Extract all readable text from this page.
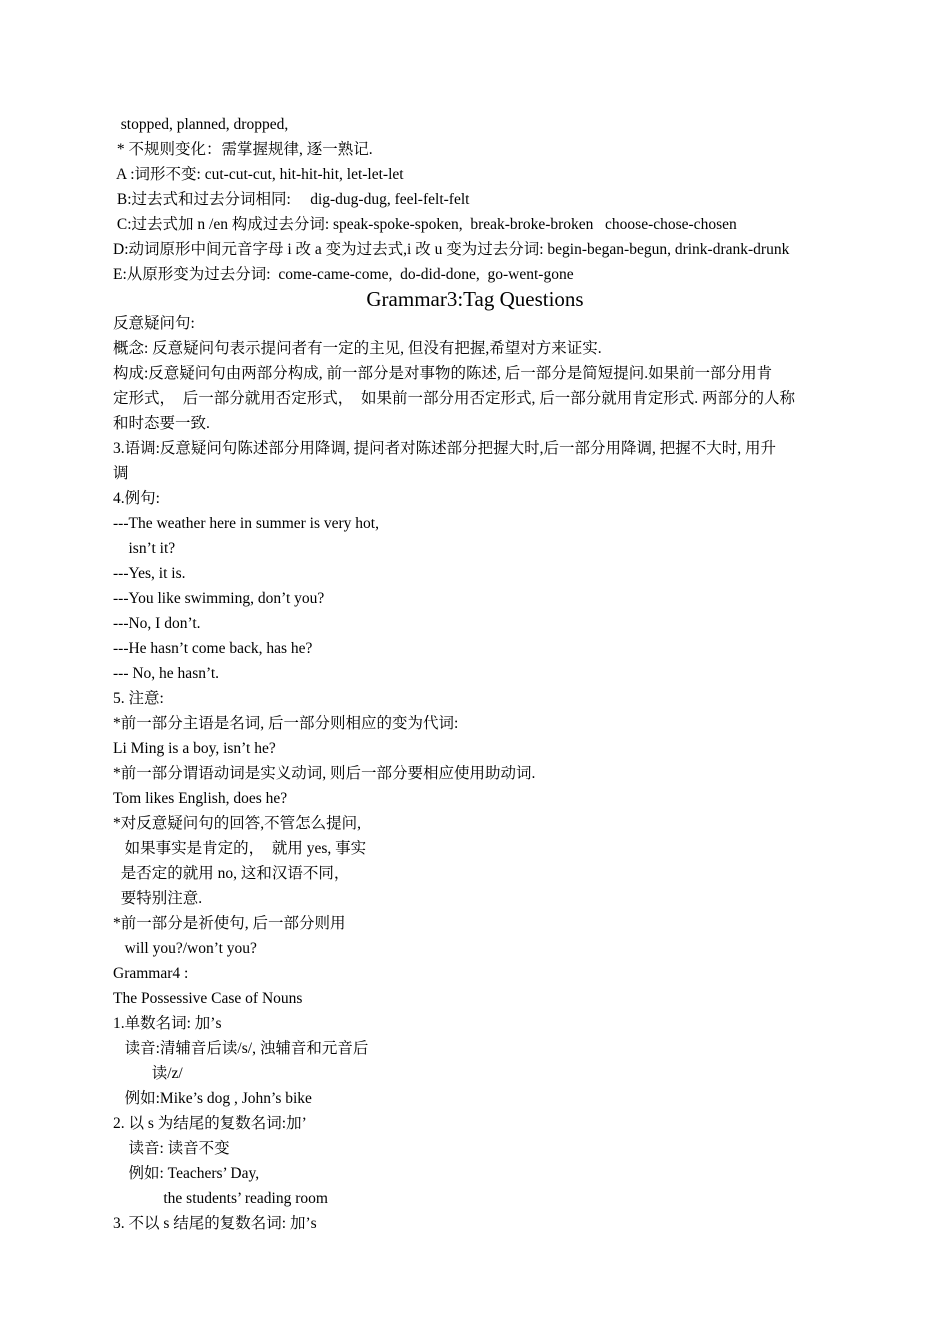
stopped, planned, dropped,

* 不规则变化：需掌握规律, 逐一熟记.

A :词形不变: cut-cut-cut, hit-hit-hit, let-let-let

B:过去式和过去分词相同:     dig-dug-dug, feel-felt-felt

C:过去式加 n /en 构成过去分词: speak-spoke-spoken,  break-broke-broken   choose-chose-chosen

D:动词原形中间元音字母 i 改 a 变为过去式,i 改 u 变为过去分词: begin-began-begun, drink-drank-drunk

E:从原形变为过去分词:  come-came-come,  do-did-done,  go-went-gone

Grammar3:Tag Questions

反意疑问句:

概念: 反意疑问句表示提问者有一定的主见, 但没有把握,希望对方来证实.

构成:反意疑问句由两部分构成, 前一部分是对事物的陈述, 后一部分是简短提问.如果前一部分用肯

定形式，  后一部分就用否定形式，  如果前一部分用否定形式, 后一部分就用肯定形式. 两部分的人称

和时态要一致.

3.语调:反意疑问句陈述部分用降调, 提问者对陈述部分把握大时,后一部分用降调, 把握不大时, 用升

调

4.例句:

---The weather here in summer is very hot,

isn’t it?

---Yes, it is.

---You like swimming, don’t you?

---No, I don’t.

---He hasn’t come back, has he?

--- No, he hasn’t.

5. 注意:

*前一部分主语是名词, 后一部分则相应的变为代词:

Li Ming is a boy, isn’t he?

*前一部分谓语动词是实义动词, 则后一部分要相应使用助动词.

Tom likes English, does he?

*对反意疑问句的回答,不管怎么提问,

如果事实是肯定的，  就用 yes, 事实

是否定的就用 no, 这和汉语不同，

要特别注意.

*前一部分是祈使句, 后一部分则用

will you?/won’t you?

Grammar4 :

The Possessive Case of Nouns

1.单数名词: 加’s

读音:清辅音后读/s/, 浊辅音和元音后

读/z/

例如:Mike’s dog , John’s bike

2. 以 s 为结尾的复数名词:加’

读音: 读音不变

例如: Teachers’ Day,

the students’ reading room

3. 不以 s 结尾的复数名词: 加’s
